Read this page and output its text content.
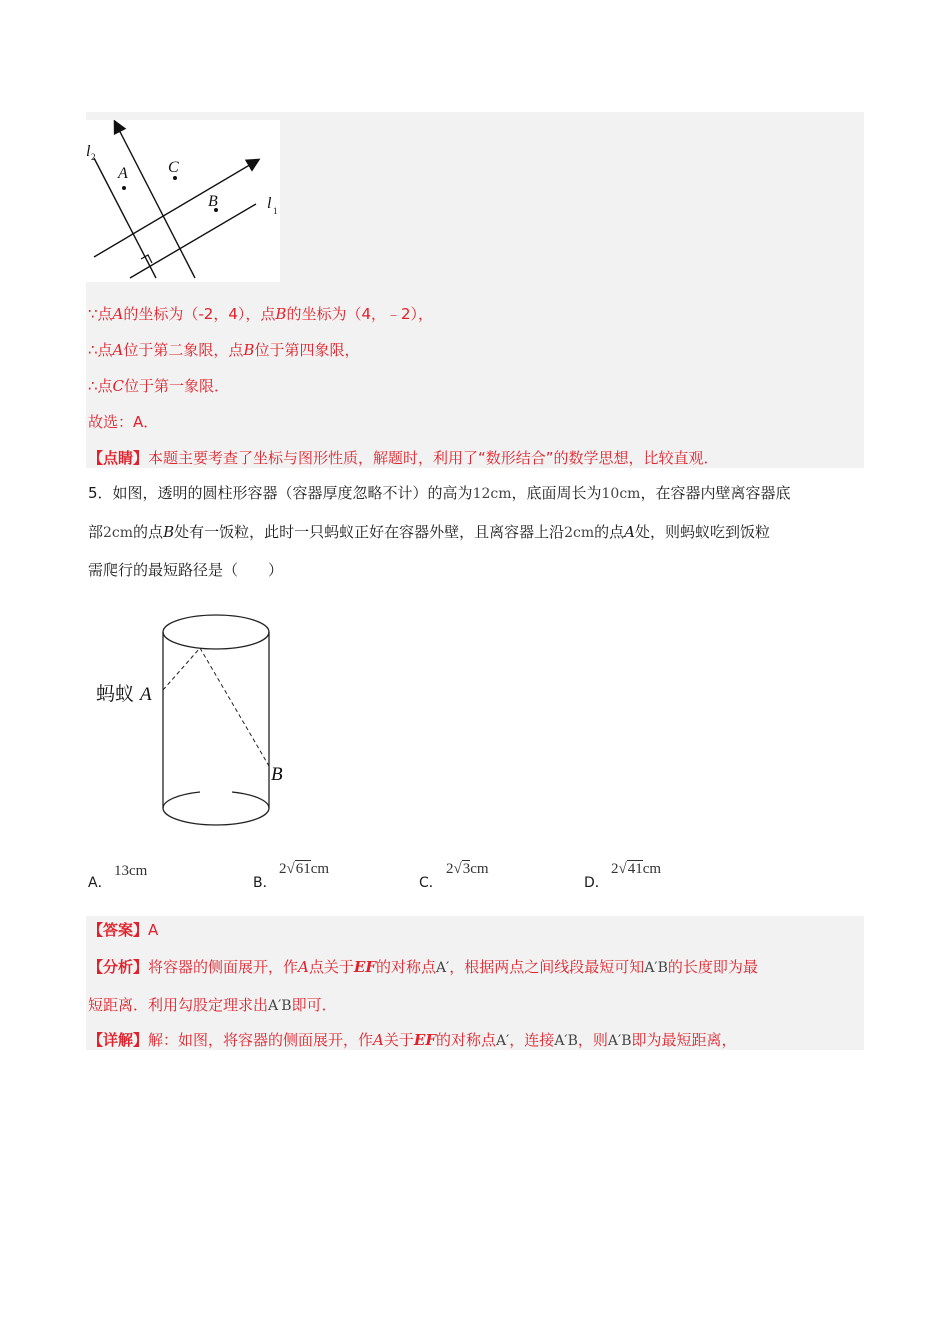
A	C
B
l 2
l 1
∵点A的坐标为（-2，4），点B的坐标为（4，﹣2），
∴点A位于第二象限，点B位于第四象限，
∴点C位于第一象限．
故选：A．
【点睛】本题主要考查了坐标与图形性质，解题时，利用了“数形结合”的数学思想，比较直观．
5．如图，透明的圆柱形容器（容器厚度忽略不计）的高为12cm，底面周长为10cm，在容器内壁离容器底
部2cm的点B处有一饭粒，此时一只蚂蚁正好在容器外壁，且离容器上沿2cm的点A处，则蚂蚁吃到饭粒
需爬行的最短路径是（　　）
蚂蚁 A
B
A．
13cm
B．
2√61cm
C．
2√3cm
D．
2√41cm
【答案】A
【分析】将容器的侧面展开，作A点关于EF的对称点A′，根据两点之间线段最短可知A′B的长度即为最
短距离．利用勾股定理求出A′B即可．
【详解】解：如图，将容器的侧面展开，作A关于EF的对称点A′，连接A′B，则A′B即为最短距离，
